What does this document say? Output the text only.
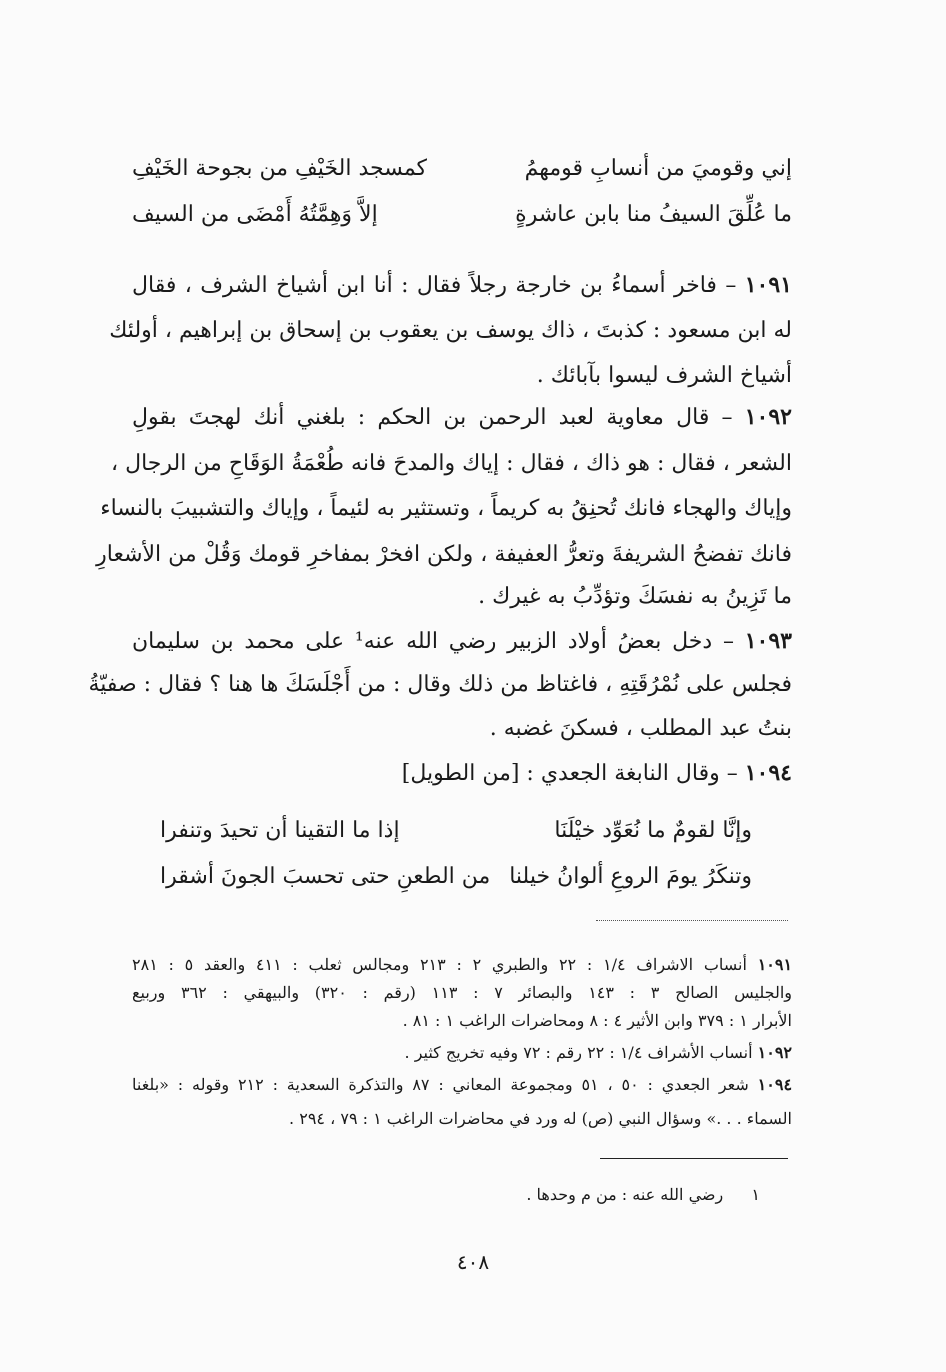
إني وقوميَ من أنسابِ قومهمُ
كمسجد الخَيْفِ من بجوحة الخَيْفِ
ما عُلِّقَ السيفُ منا بابن عاشرةٍ
إلاَّ وَهِمَّتُهُ أَمْضَى من السيف
١٠٩١ – فاخر أسماءُ بن خارجة رجلاً فقال : أنا ابن أشياخ الشرف ، فقال
له ابن مسعود : كذبتَ ، ذاك يوسف بن يعقوب بن إسحاق بن إبراهيم ، أولئك
أشياخ الشرف ليسوا بآبائك .
١٠٩٢ – قال معاوية لعبد الرحمن بن الحكم : بلغني أنك لهجتَ بقولِ
الشعر ، فقال : هو ذاك ، فقال : إياك والمدحَ فانه طُعْمَةُ الوَقَاحِ من الرجال ،
وإياك والهجاء فانك تُحنِقُ به كريماً ، وتستثير به لئيماً ، وإياك والتشبيبَ بالنساء
فانك تفضحُ الشريفةَ وتعرُّ العفيفة ، ولكن افخرْ بمفاخرِ قومك وَقُلْ من الأشعارِ
ما تَزِينُ به نفسَكَ وتؤدِّبُ به غيرك .
١٠٩٣ – دخل بعضُ أولاد الزبير رضي الله عنه¹ على محمد بن سليمان
فجلس على نُمْرُقَتِهِ ، فاغتاظ من ذلك وقال : من أَجْلَسَكَ ها هنا ؟ فقال : صفيّةُ
بنتُ عبد المطلب ، فسكنَ غضبه .
١٠٩٤ – وقال النابغة الجعدي : [من الطويل]
وإنَّا لقومٌ ما نُعَوِّد خيْلَنَا
إذا ما التقينا أن تحيدَ وتنفرا
وتنكَرُ يومَ الروعِ ألوانُ خيلنا
من الطعنِ حتى تحسبَ الجونَ أشقرا
١٠٩١ أنساب الاشراف ١/٤ : ٢٢ والطبري ٢ : ٢١٣ ومجالس ثعلب : ٤١١ والعقد ٥ : ٢٨١
والجليس الصالح ٣ : ١٤٣ والبصائر ٧ : ١١٣ (رقم : ٣٢٠) والبيهقي : ٣٦٢ وربيع
الأبرار ١ : ٣٧٩ وابن الأثير ٤ : ٨ ومحاضرات الراغب ١ : ٨١ .
١٠٩٢ أنساب الأشراف ١/٤ : ٢٢ رقم : ٧٢ وفيه تخريج كثير .
١٠٩٤ شعر الجعدي : ٥٠ ، ٥١ ومجموعة المعاني : ٨٧ والتذكرة السعدية : ٢١٢ وقوله : «بلغنا
السماء . . .» وسؤال النبي (ص) له ورد في محاضرات الراغب ١ : ٧٩ ، ٢٩٤ .
١  رضي الله عنه : من م وحدها .
٤٠٨
